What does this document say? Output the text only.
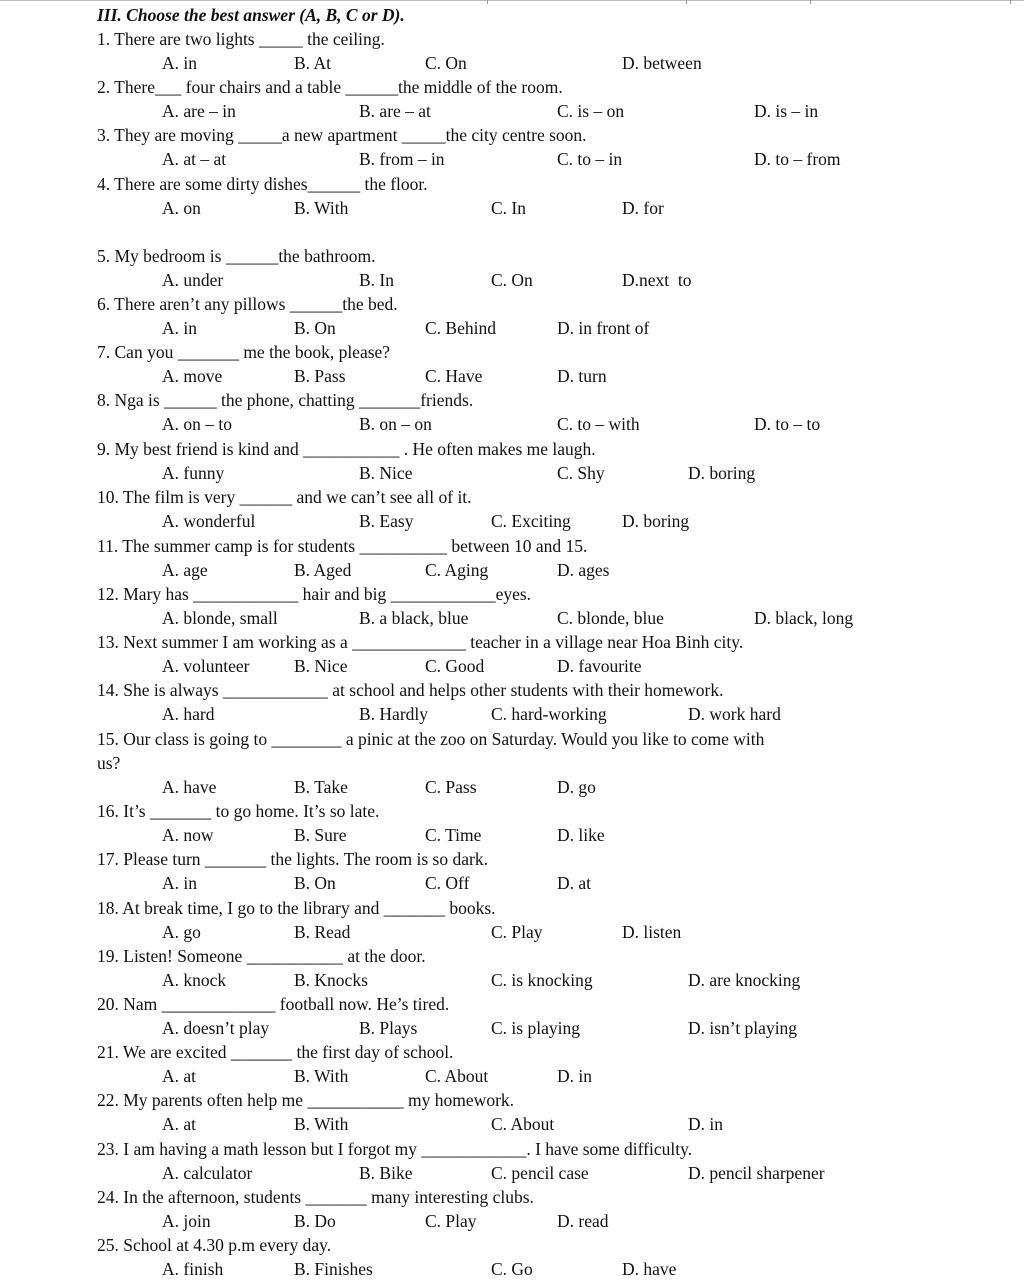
III. Choose the best answer (A, B, C or D).
1. There are two lights _____ the ceiling.
A. in	B. At	C. On	D. between
2. There___ four chairs and a table ______the middle of the room.
A. are – in	B. are – at	C. is – on	D. is – in
3. They are moving _____a new apartment _____the city centre soon.
A. at – at	B. from – in	C. to – in	D. to – from
4. There are some dirty dishes______ the floor.
A. on	B. With	C. In	D. for
5. My bedroom is ______the bathroom.
A. under	B. In	C. On	D.next  to
6. There aren’t any pillows ______the bed.
A. in	B. On	C. Behind	D. in front of
7. Can you _______ me the book, please?
A. move	B. Pass	C. Have	D. turn
8. Nga is ______ the phone, chatting _______friends.
A. on – to	B. on – on	C. to – with	D. to – to
9. My best friend is kind and ___________ . He often makes me laugh.
A. funny	B. Nice	C. Shy	D. boring
10. The film is very ______ and we can’t see all of it.
A. wonderful	B. Easy	C. Exciting	D. boring
11. The summer camp is for students __________ between 10 and 15.
A. age	B. Aged	C. Aging	D. ages
12. Mary has ____________ hair and big ____________eyes.
A. blonde, small	B. a black, blue	C. blonde, blue	D. black, long
13. Next summer I am working as a _____________ teacher in a village near Hoa Binh city.
A. volunteer	B. Nice	C. Good	D. favourite
14. She is always ____________ at school and helps other students with their homework.
A. hard	B. Hardly	C. hard-working	D. work hard
15. Our class is going to ________ a pinic at the zoo on Saturday. Would you like to come with
us?
A. have	B. Take	C. Pass	D. go
16. It’s _______ to go home. It’s so late.
A. now	B. Sure	C. Time	D. like
17. Please turn _______ the lights. The room is so dark.
A. in	B. On	C. Off	D. at
18. At break time, I go to the library and _______ books.
A. go	B. Read	C. Play	D. listen
19. Listen! Someone ___________ at the door.
A. knock	B. Knocks	C. is knocking	D. are knocking
20. Nam _____________ football now. He’s tired.
A. doesn’t play	B. Plays	C. is playing	D. isn’t playing
21. We are excited _______ the first day of school.
A. at	B. With	C. About	D. in
22. My parents often help me ___________ my homework.
A. at	B. With	C. About	D. in
23. I am having a math lesson but I forgot my ____________. I have some difficulty.
A. calculator	B. Bike	C. pencil case	D. pencil sharpener
24. In the afternoon, students _______ many interesting clubs.
A. join	B. Do	C. Play	D. read
25. School at 4.30 p.m every day.
A. finish	B. Finishes	C. Go	D. have
